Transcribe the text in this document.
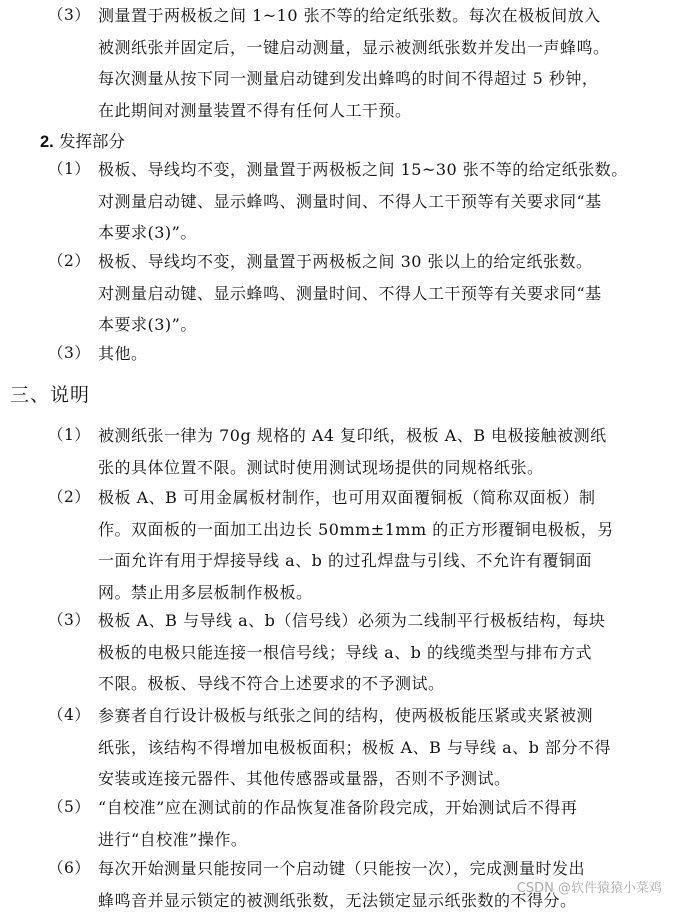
（3） 测量置于两极板之间 1~10 张不等的给定纸张数。每次在极板间放入
被测纸张并固定后，一键启动测量，显示被测纸张数并发出一声蜂鸣。
每次测量从按下同一测量启动键到发出蜂鸣的时间不得超过 5 秒钟，
在此期间对测量装置不得有任何人工干预。
2. 发挥部分
（1） 极板、导线均不变，测量置于两极板之间 15~30 张不等的给定纸张数。
对测量启动键、显示蜂鸣、测量时间、不得人工干预等有关要求同“基
本要求(3)”。
（2） 极板、导线均不变，测量置于两极板之间 30 张以上的给定纸张数。
对测量启动键、显示蜂鸣、测量时间、不得人工干预等有关要求同“基
本要求(3)”。
（3） 其他。
三、说明
（1） 被测纸张一律为 70g 规格的 A4 复印纸，极板 A、B 电极接触被测纸
张的具体位置不限。测试时使用测试现场提供的同规格纸张。
（2） 极板 A、B 可用金属板材制作，也可用双面覆铜板（简称双面板）制
作。双面板的一面加工出边长 50mm±1mm 的正方形覆铜电极板，另
一面允许有用于焊接导线 a、b 的过孔焊盘与引线、不允许有覆铜面
网。禁止用多层板制作极板。
（3） 极板 A、B 与导线 a、b（信号线）必须为二线制平行极板结构，每块
极板的电极只能连接一根信号线；导线 a、b 的线缆类型与排布方式
不限。极板、导线不符合上述要求的不予测试。
（4） 参赛者自行设计极板与纸张之间的结构，使两极板能压紧或夹紧被测
纸张，该结构不得增加电极板面积；极板 A、B 与导线 a、b 部分不得
安装或连接元器件、其他传感器或量器，否则不予测试。
（5） “自校准”应在测试前的作品恢复准备阶段完成，开始测试后不得再
进行“自校准”操作。
（6） 每次开始测量只能按同一个启动键（只能按一次），完成测量时发出
蜂鸣音并显示锁定的被测纸张数，无法锁定显示纸张数的不得分。
CSDN @软件猿猿小菜鸡
